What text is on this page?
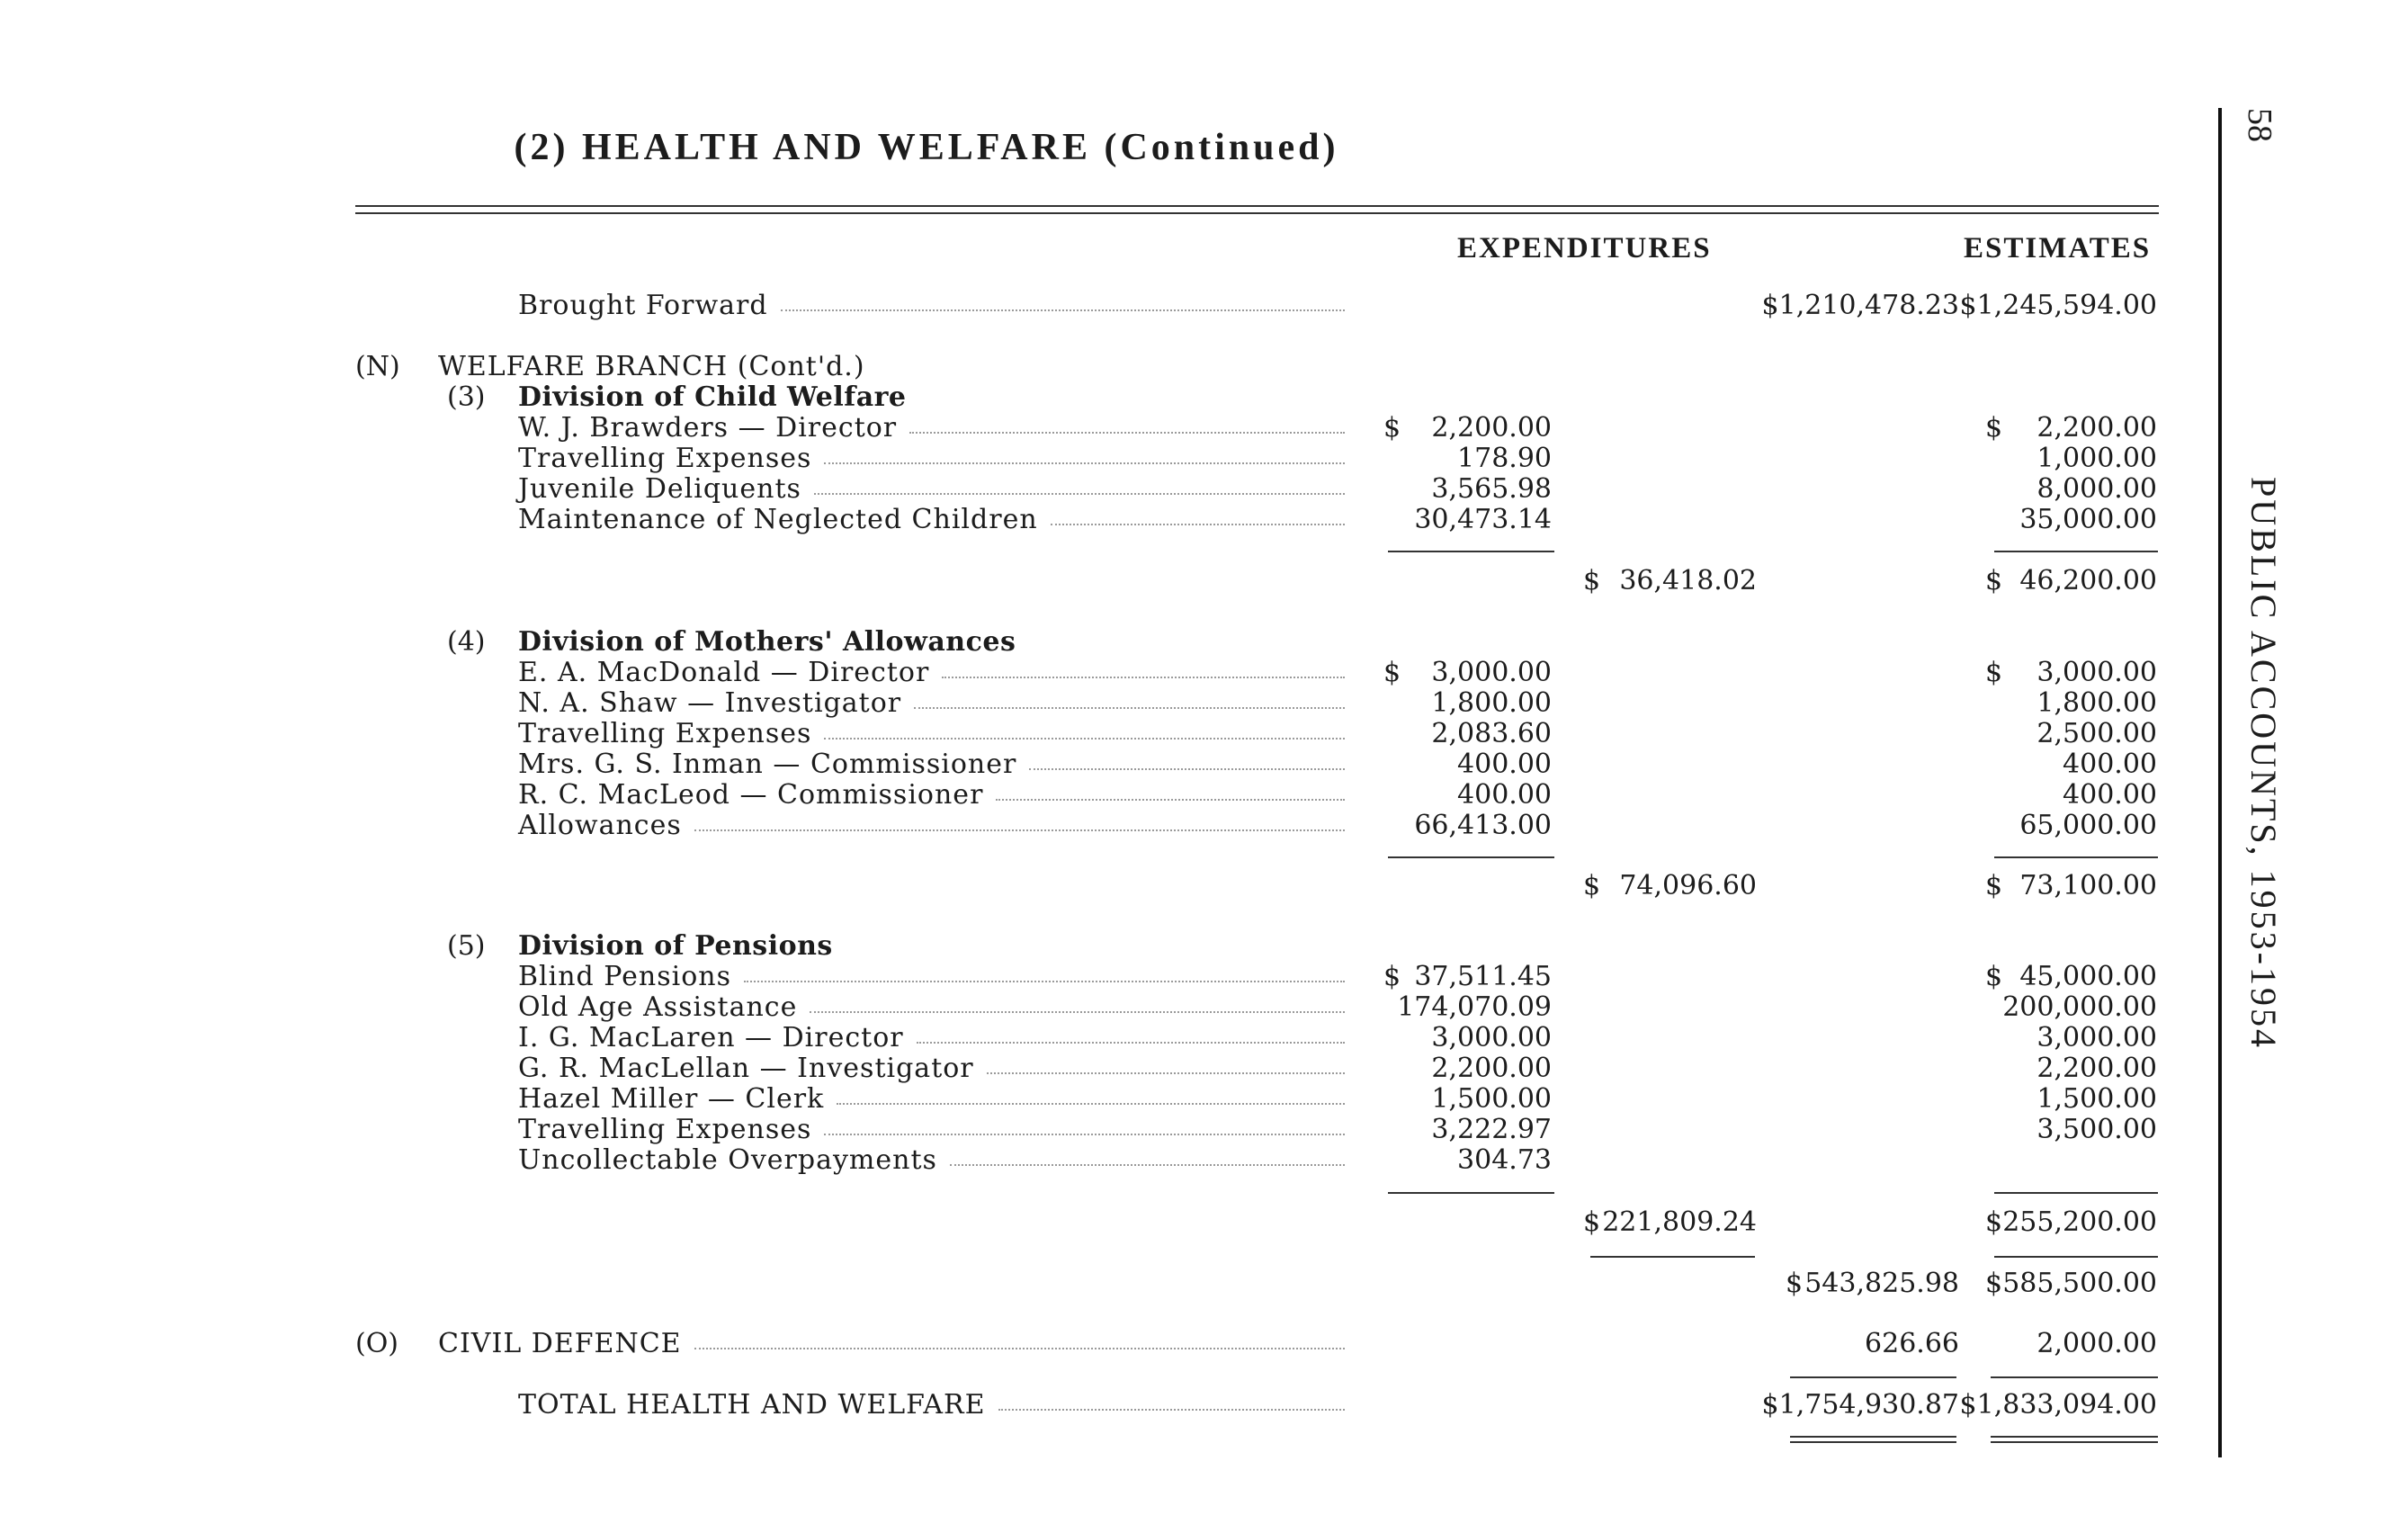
(2) HEALTH AND WELFARE (Continued)
EXPENDITURES	ESTIMATES
Brought Forward	$1,210,478.23 $1,245,594.00
(N) WELFARE BRANCH (Cont'd.)
(3) Division of Child Welfare
W. J. Brawders — Director	$ 2,200.00	$ 2,200.00
Travelling Expenses	178.90	1,000.00
Juvenile Deliquents	3,565.98	8,000.00
Maintenance of Neglected Children	30,473.14	35,000.00
$ 36,418.02	$ 46,200.00
(4) Division of Mothers' Allowances
E. A. MacDonald — Director	$ 3,000.00	$ 3,000.00
N. A. Shaw — Investigator	1,800.00	1,800.00
Travelling Expenses	2,083.60	2,500.00
Mrs. G. S. Inman — Commissioner	400.00	400.00
R. C. MacLeod — Commissioner	400.00	400.00
Allowances	66,413.00	65,000.00
$ 74,096.60	$ 73,100.00
(5) Division of Pensions
Blind Pensions	$ 37,511.45	$ 45,000.00
Old Age Assistance	174,070.09	200,000.00
I. G. MacLaren — Director	3,000.00	3,000.00
G. R. MacLellan — Investigator	2,200.00	2,200.00
Hazel Miller — Clerk	1,500.00	1,500.00
Travelling Expenses	3,222.97	3,500.00
Uncollectable Overpayments	304.73
$ 221,809.24	$ 255,200.00
$ 543,825.98 $ 585,500.00
(O) CIVIL DEFENCE	626.66	2,000.00
TOTAL HEALTH AND WELFARE	$1,754,930.87 $1,833,094.00
58
PUBLIC ACCOUNTS, 1953-1954
